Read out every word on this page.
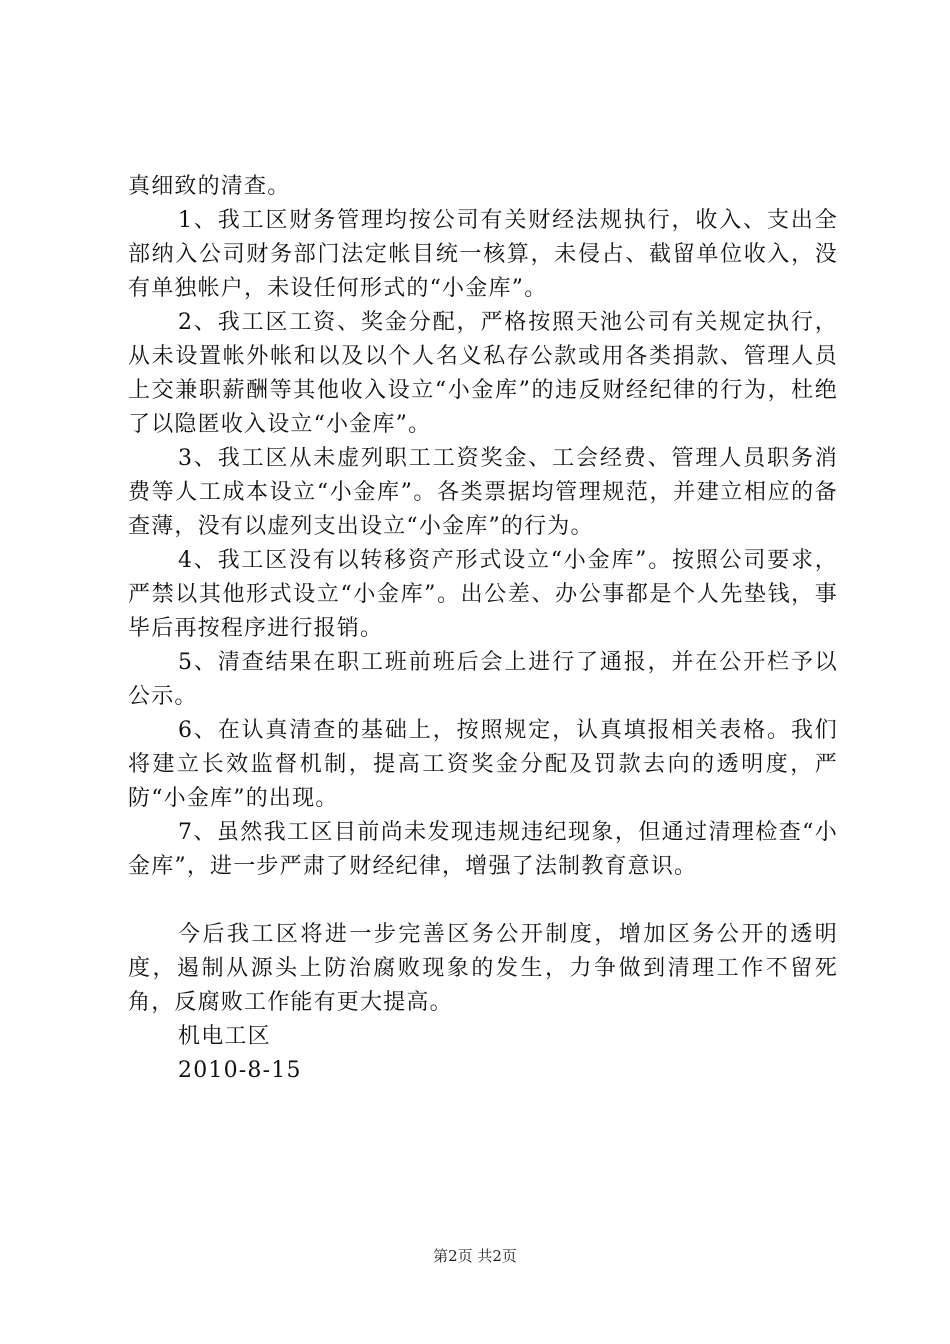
真细致的清查。

1、我工区财务管理均按公司有关财经法规执行，收入、支出全部纳入公司财务部门法定帐目统一核算，未侵占、截留单位收入，没有单独帐户，未设任何形式的“小金库”。

2、我工区工资、奖金分配，严格按照天池公司有关规定执行，从未设置帐外帐和以及以个人名义私存公款或用各类捐款、管理人员上交兼职薪酬等其他收入设立“小金库”的违反财经纪律的行为，杜绝了以隐匿收入设立“小金库”。

3、我工区从未虚列职工工资奖金、工会经费、管理人员职务消费等人工成本设立“小金库”。各类票据均管理规范，并建立相应的备查薄，没有以虚列支出设立“小金库”的行为。

4、我工区没有以转移资产形式设立“小金库”。按照公司要求，严禁以其他形式设立“小金库”。出公差、办公事都是个人先垫钱，事毕后再按程序进行报销。

5、清查结果在职工班前班后会上进行了通报，并在公开栏予以公示。

6、在认真清查的基础上，按照规定，认真填报相关表格。我们将建立长效监督机制，提高工资奖金分配及罚款去向的透明度，严防“小金库”的出现。

7、虽然我工区目前尚未发现违规违纪现象，但通过清理检查“小金库”，进一步严肃了财经纪律，增强了法制教育意识。

今后我工区将进一步完善区务公开制度，增加区务公开的透明度，遏制从源头上防治腐败现象的发生，力争做到清理工作不留死角，反腐败工作能有更大提高。

机电工区

2010-8-15

第2页 共2页
